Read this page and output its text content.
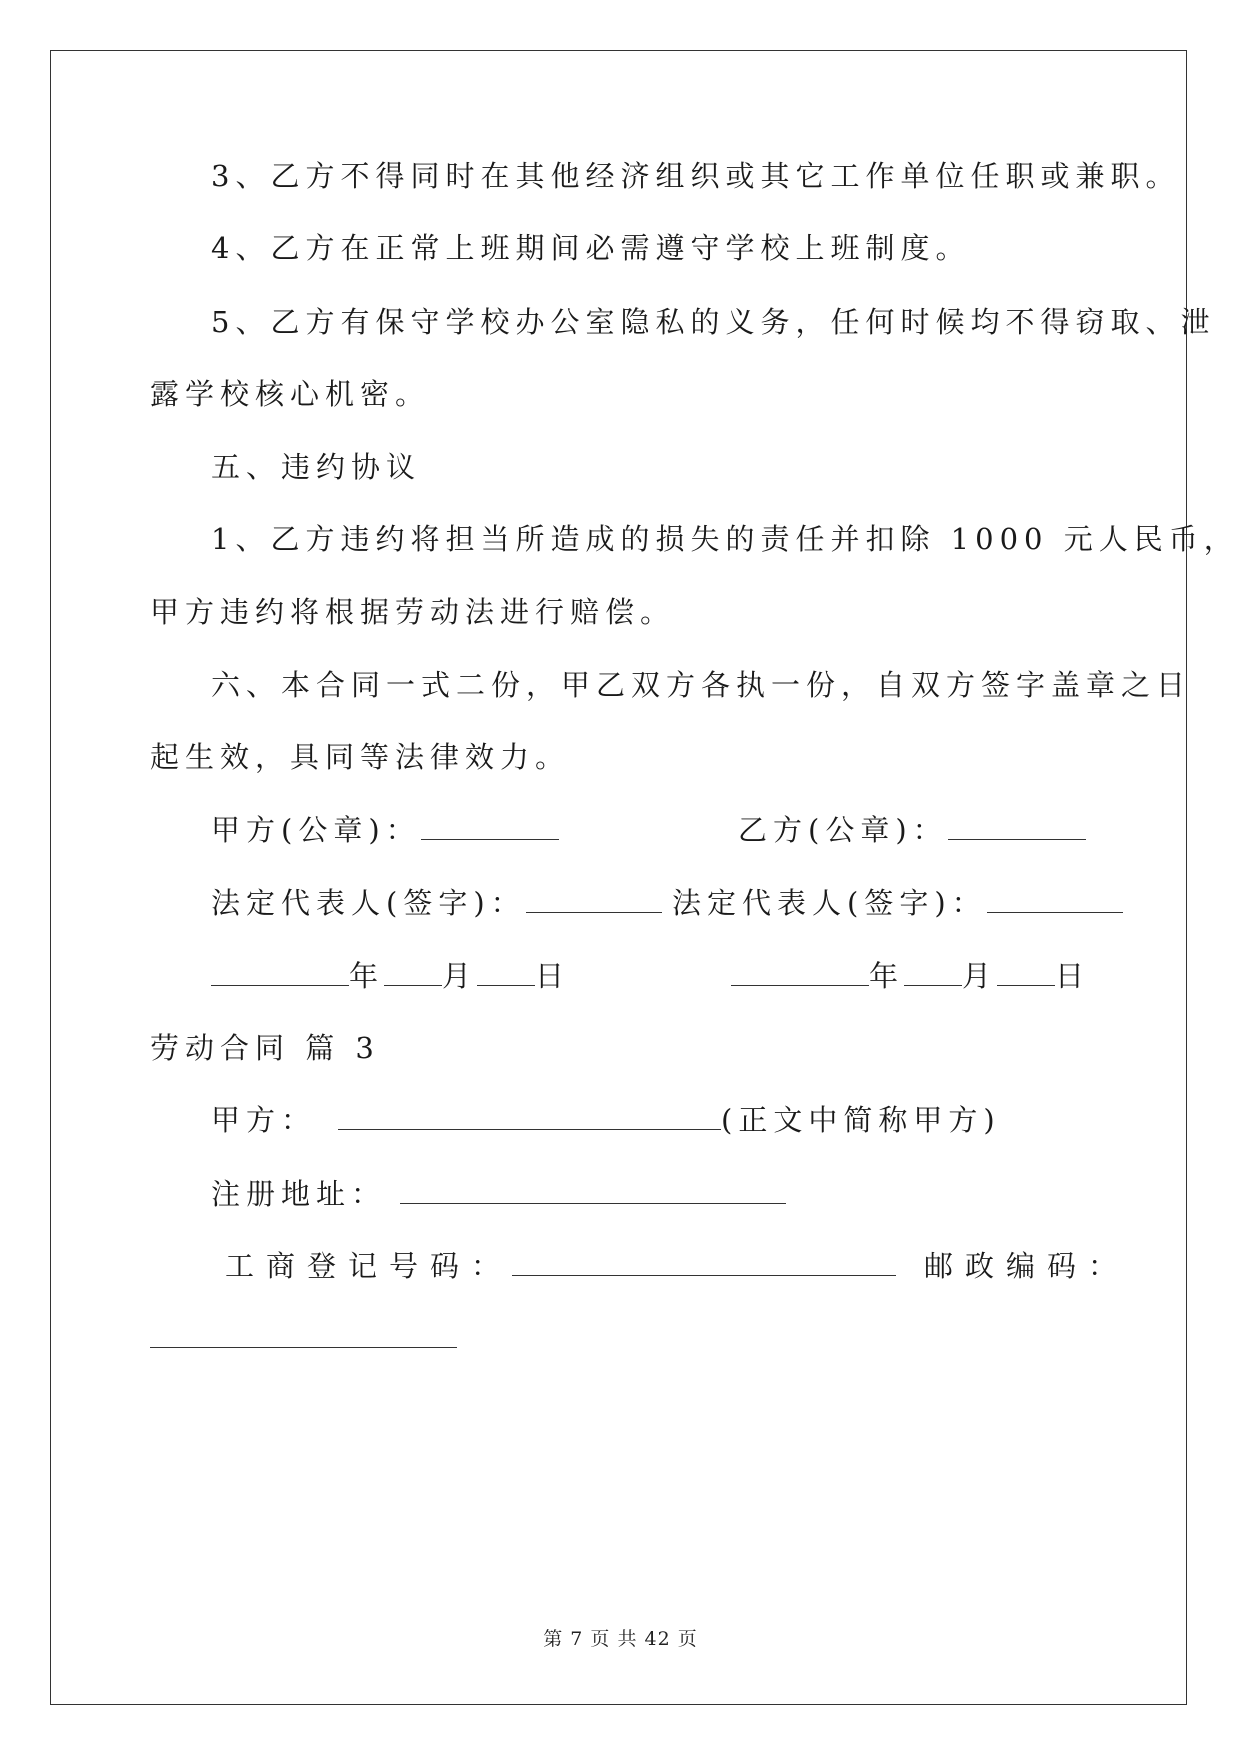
3、乙方不得同时在其他经济组织或其它工作单位任职或兼职。
4、乙方在正常上班期间必需遵守学校上班制度。
5、乙方有保守学校办公室隐私的义务，任何时候均不得窃取、泄
露学校核心机密。
五、违约协议
1、乙方违约将担当所造成的损失的责任并扣除 1000 元人民币，
甲方违约将根据劳动法进行赔偿。
六、本合同一式二份，甲乙双方各执一份，自双方签字盖章之日
起生效，具同等法律效力。
甲方(公章)：	乙方(公章)：
法定代表人(签字)：	法定代表人(签字)：
年 月 日	年 月 日
劳动合同 篇 3
甲方：	(正文中简称甲方)
注册地址：
工商登记号码：	邮政编码：
第 7 页 共 42 页
